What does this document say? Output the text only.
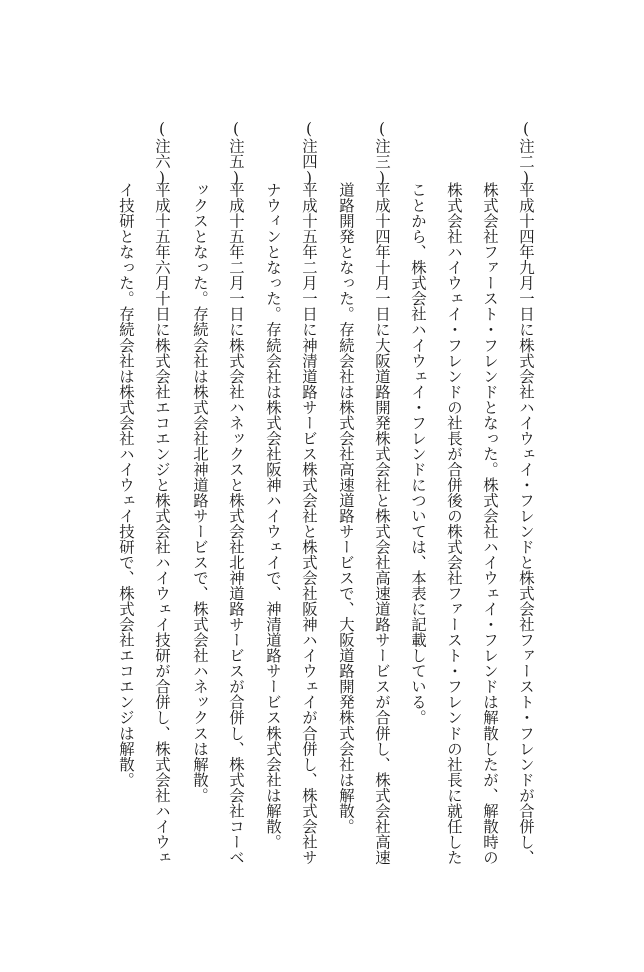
(注二)平成十四年九月一日に株式会社ハイウェイ・フレンドと株式会社ファースト・フレンドが合併し、
株式会社ファースト・フレンドとなった。株式会社ハイウェイ・フレンドは解散したが、解散時の
株式会社ハイウェイ・フレンドの社長が合併後の株式会社ファースト・フレンドの社長に就任した
ことから、株式会社ハイウェイ・フレンドについては、本表に記載している。
(注三)平成十四年十月一日に大阪道路開発株式会社と株式会社高速道路サービスが合併し、株式会社高速
道路開発となった。存続会社は株式会社高速道路サービスで、大阪道路開発株式会社は解散。
(注四)平成十五年二月一日に神清道路サービス株式会社と株式会社阪神ハイウェイが合併し、株式会社サ
ナウィンとなった。存続会社は株式会社阪神ハイウェイで、神清道路サービス株式会社は解散。
(注五)平成十五年二月一日に株式会社ハネックスと株式会社北神道路サービスが合併し、株式会社コーベ
ックスとなった。存続会社は株式会社北神道路サービスで、株式会社ハネックスは解散。
(注六)平成十五年六月十日に株式会社エコエンジと株式会社ハイウェイ技研が合併し、株式会社ハイウェ
イ技研となった。存続会社は株式会社ハイウェイ技研で、株式会社エコエンジは解散。
